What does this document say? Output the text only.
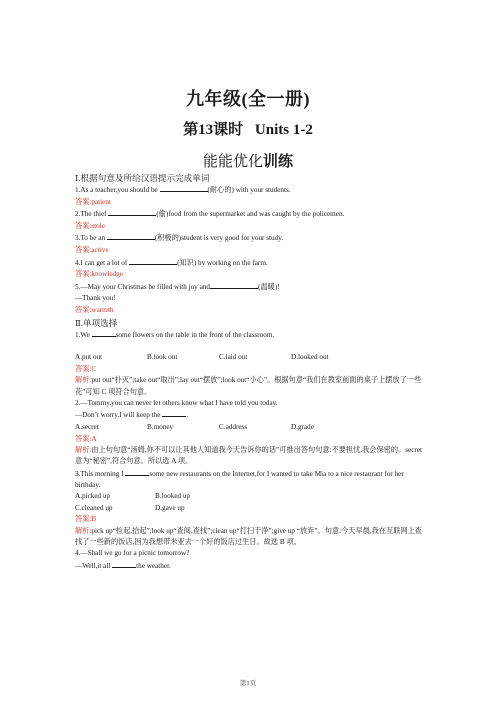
九年级(全一册)
第13课时 Units 1-2
能能优化训练
Ⅰ.根据句意及所给汉语提示完成单词
1.As a teacher,you should be	(耐心的) with your students.
答案:patient
2.The thief	(偷)food from the supermarket and was caught by the policemen.
答案:stole
3.To be an	(积极的)student is very good for your study.
答案:active
4.I can get a lot of	(知识) by working on the farm.
答案:knowledge
5.—May your Christmas be filled with joy and	(温暖)!
—Thank you!
答案:warmth
Ⅱ.单项选择
1.We	some flowers on the table in the front of the classroom.
A.put out	B.took out	C.laid out	D.looked out
答案:C
解析:put out“扑灭”;take out“取出”;lay out“摆放”;look out“小心”。根据句意“我们在教室前面的桌子上摆放了一些花”可知 C 项符合句意。
2.—Tommy,you can never let others know what I have told you today.
—Don’t worry.I will keep the	.
A.secret	B.money	C.address	D.grade
答案:A
解析:由上句句意“汤姆,你不可以让其他人知道我今天告诉你的话”可推出答句句意:不要担忧,我会保密的。secret 意为“秘密”,符合句意。所以选 A 项。
3.This morning I	some new restaurants on the Internet,for I wanted to take Mia to a nice restaurant for her birthday.
A.picked up	B.looked up
C.cleaned up	D.gave up
答案:B
解析:pick up“捡起,拾起”;look up“查阅,查找”;clean up“打扫干净”;give up “放弃”。句意:今天早晨,我在互联网上查找了一些新的饭店,因为我想带米亚去一个好的饭店过生日。故选 B 项。
4.—Shall we go for a picnic tomorrow?
—Well,it all	the weather.
第1页
